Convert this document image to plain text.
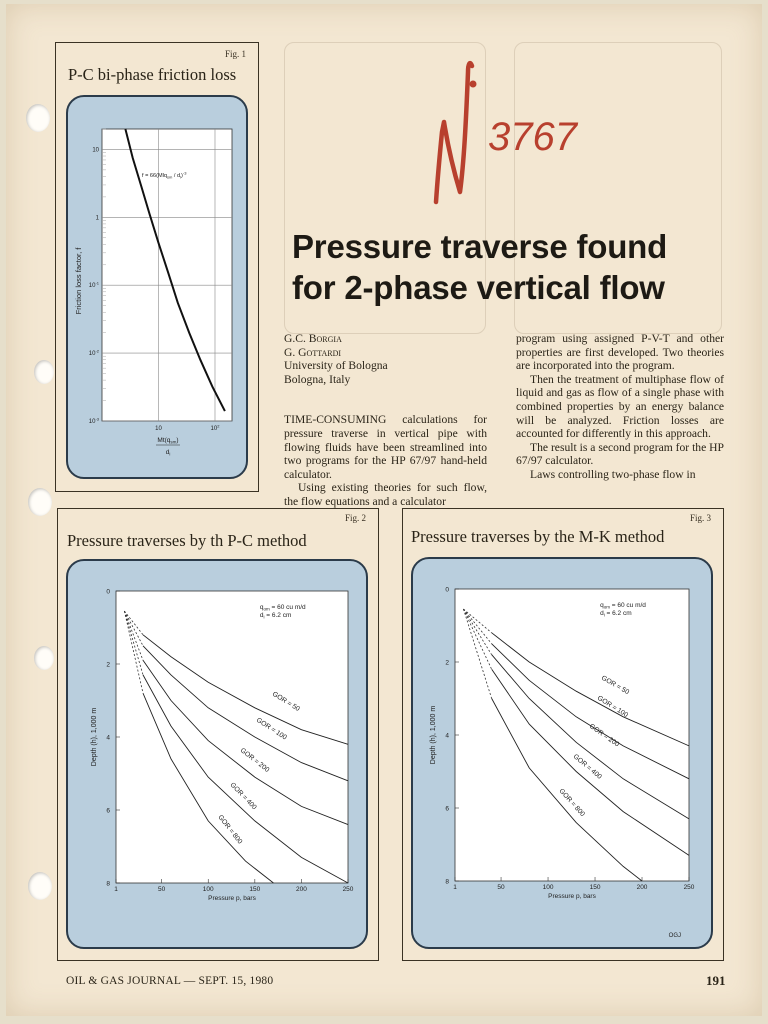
Fig. 1
P-C bi-phase friction loss
$f = 66(Mlq_{sm} / d_i)^{-3}$
Friction loss factor, f
10
1
$10^{-1}$
$10^{-2}$
$10^{-3}$
10	$10^2$
$Mt(q_{sm})$
$d_i$
3767
Pressure traverse found
for 2-phase vertical flow

G.C. Borgia

G. Gottardi

University of Bologna

Bologna, Italy

TIME-CONSUMING calculations for pressure traverse in vertical pipe with flowing fluids have been streamlined into two programs for the HP 67/97 hand-held calculator.

Using existing theories for such flow, the flow equations and a calculator

program using assigned P-V-T and other properties are first developed. Two theories are incorporated into the program.

Then the treatment of multiphase flow of liquid and gas as flow of a single phase with combined properties by an energy balance will be analyzed. Friction losses are accounted for differently in this approach.

The result is a second program for the HP 67/97 calculator.

Laws controlling two-phase flow in

Fig. 2
Pressure traverses by th P-C method
1	50	100	150	200	250
0
2
4
6
8
Pressure p, bars
Depth (h), 1,000 m
$q_{om} = 60$ cu m/d
$d_i = 6.2$ cm
GOR = 50
GOR = 100
GOR = 200
GOR = 400
GOR = 800
Fig. 3
Pressure traverses by the M-K method
1	50	100	150	200	250
0
2
4
6
8
Pressure p, bars
Depth (h), 1,000 m
$q_{om} = 60$ cu m/d
$d_i = 6.2$ cm
GOR = 50
GOR = 100
GOR = 200
GOR = 400
GOR = 800
OGJ
OIL & GAS JOURNAL — SEPT. 15, 1980	191
